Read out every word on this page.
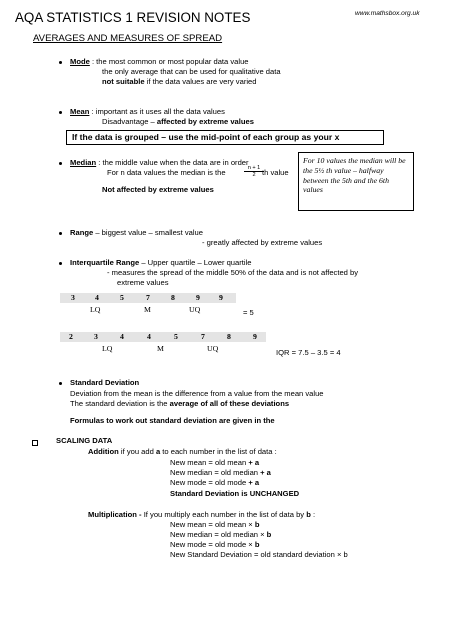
AQA STATISTICS 1 REVISION NOTES	www.mathsbox.org.uk
AVERAGES AND MEASURES OF SPREAD
Mode : the most common or most popular data value
the only average that can be used for qualitative data
not suitable if the data values are very varied
Mean : important as it uses all the data values
Disadvantage – affected by extreme values
If the data is grouped – use the mid-point of each group as your x
Median : the middle value when the data are in order
For n data values the median is the	n + 1
2 th value
Not affected by extreme values
For 10 values the median will be the 5½ th value – halfway between the 5th and the 6th values
Range – biggest value – smallest value
- greatly affected by extreme values
Interquartile Range – Upper quartile – Lower quartile
- measures the spread of the middle 50% of the data and is not affected by
extreme values
3	4	5	7	8	9 9
LQ	M	UQ	= 5
2	3	4	4	5	7	8	9
LQ	M	UQ	IQR = 7.5 – 3.5 = 4
Standard Deviation
Deviation from the mean is the difference from a value from the mean value
The standard deviation is the average of all of these deviations
Formulas to work out standard deviation are given in the
SCALING DATA
Addition if you add a to each number in the list of data :
New mean = old mean + a
New median = old median + a
New mode = old mode + a
Standard Deviation is UNCHANGED
Multiplication - If you multiply each number in the list of data by b :
New mean = old mean × b
New median = old median × b
New mode = old mode × b
New Standard Deviation = old standard deviation × b
